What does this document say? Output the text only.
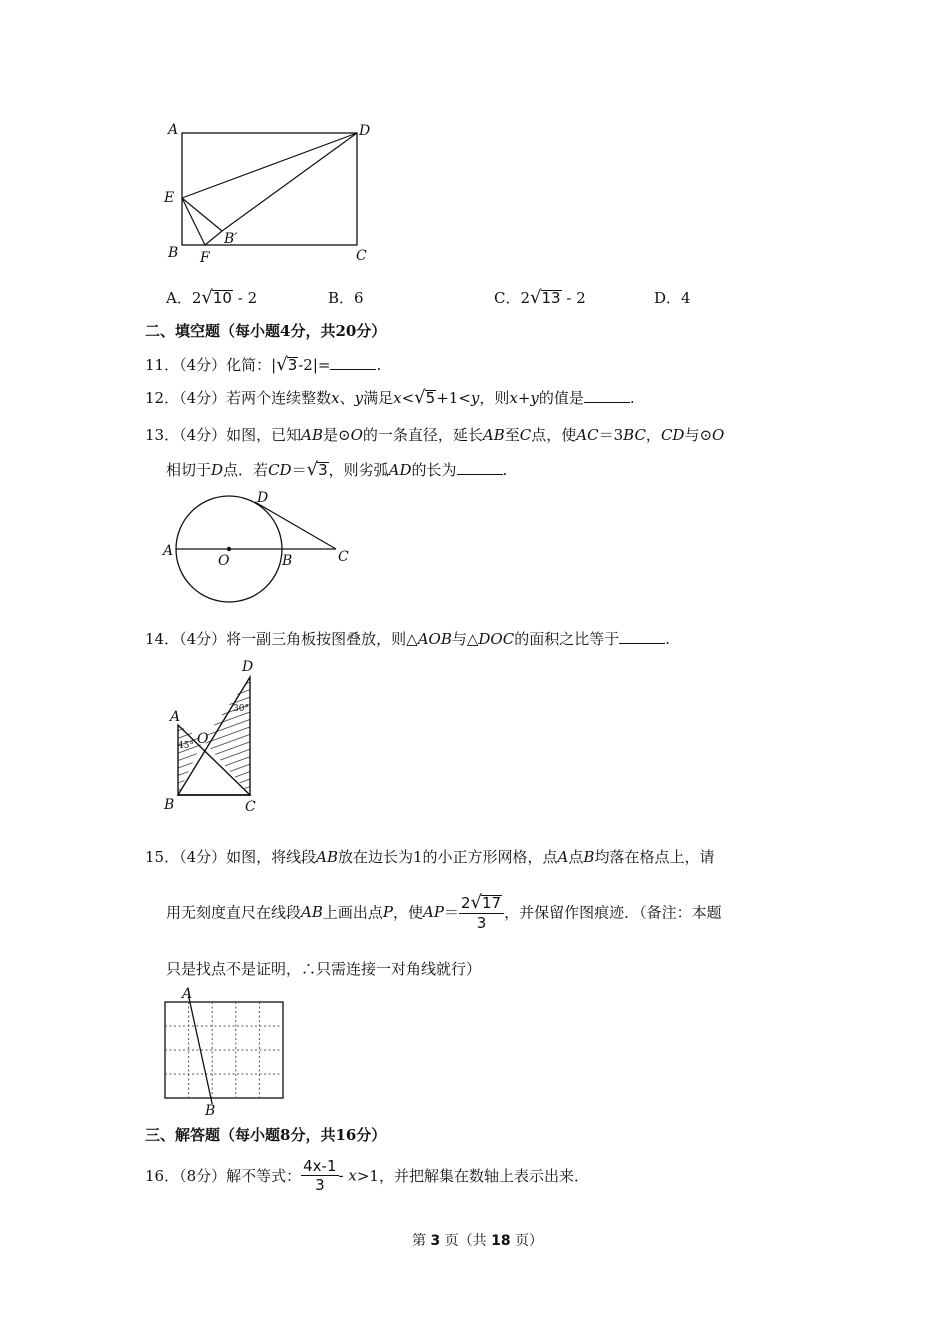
A	D
E
B
B′
F	C
A．2√10 - 2	B．6	C．2√13 - 2	D．4
二、填空题（每小题4分，共20分）
11．（4分）化简：|√3-2|=	.
12．（4分）若两个连续整数x、y满足x<√5+1<y，则x+y的值是	.
13．（4分）如图，已知AB是⊙O的一条直径，延长AB至C点，使AC＝3BC，CD与⊙O
相切于D点．若CD＝√3，则劣弧AD的长为	.
D
A
O	B	C
14．（4分）将一副三角板按图叠放，则△AOB与△DOC的面积之比等于	.
D
A
O
B	C
30°
45°
15．（4分）如图，将线段AB放在边长为1的小正方形网格，点A点B均落在格点上，请
用无刻度直尺在线段AB上画出点P，使$AP= \frac{2√17}{3}$ ，并保留作图痕迹．（备注：本题
只是找点不是证明，∴只需连接一对角线就行）
A
B
三、解答题（每小题8分，共16分）
16．（8分）解不等式： $\frac{4x-1}{3} - x>1$，并把解集在数轴上表示出来．
第 3 页（共 18 页）
